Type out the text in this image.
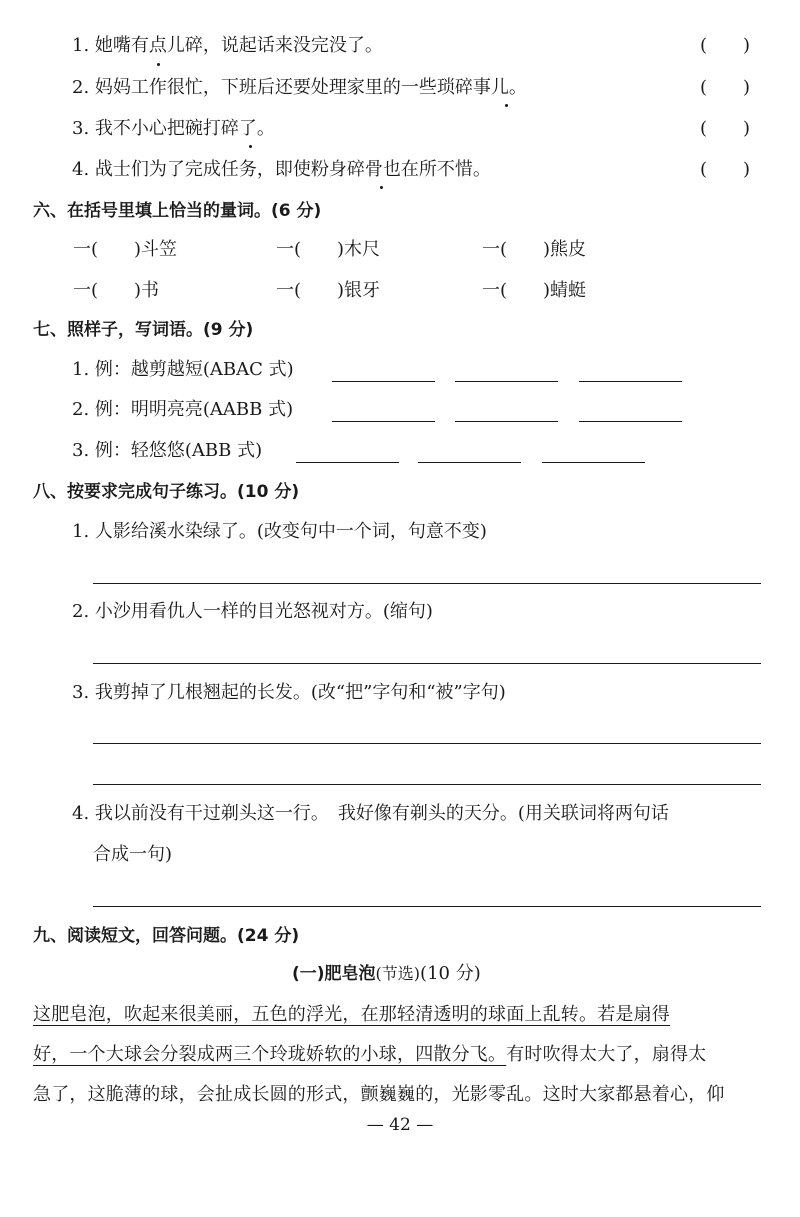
1. 她嘴有点儿碎，说起话来没完没了。	(　　)
2. 妈妈工作很忙，下班后还要处理家里的一些琐碎事儿。	(　　)
3. 我不小心把碗打碎了。	(　　)
4. 战士们为了完成任务，即使粉身碎骨也在所不惜。	(　　)
六、在括号里填上恰当的量词。(6 分)
一(　　)斗笠	一(　　)木尺	一(　　)熊皮
一(　　)书	一(　　)银牙	一(　　)蜻蜓
七、照样子，写词语。(9 分)
1. 例：越剪越短(ABAC 式)
2. 例：明明亮亮(AABB 式)
3. 例：轻悠悠(ABB 式)
八、按要求完成句子练习。(10 分)
1. 人影给溪水染绿了。(改变句中一个词，句意不变)
2. 小沙用看仇人一样的目光怒视对方。(缩句)
3. 我剪掉了几根翘起的长发。(改“把”字句和“被”字句)
4. 我以前没有干过剃头这一行。　我好像有剃头的天分。(用关联词将两句话
合成一句)
九、阅读短文，回答问题。(24 分)
(一)肥皂泡(节选)(10 分)
这肥皂泡，吹起来很美丽，五色的浮光，在那轻清透明的球面上乱转。若是扇得
好，一个大球会分裂成两三个玲珑娇软的小球，四散分飞。有时吹得太大了，扇得太
急了，这脆薄的球，会扯成长圆的形式，颤巍巍的，光影零乱。这时大家都悬着心，仰
— 42 —
